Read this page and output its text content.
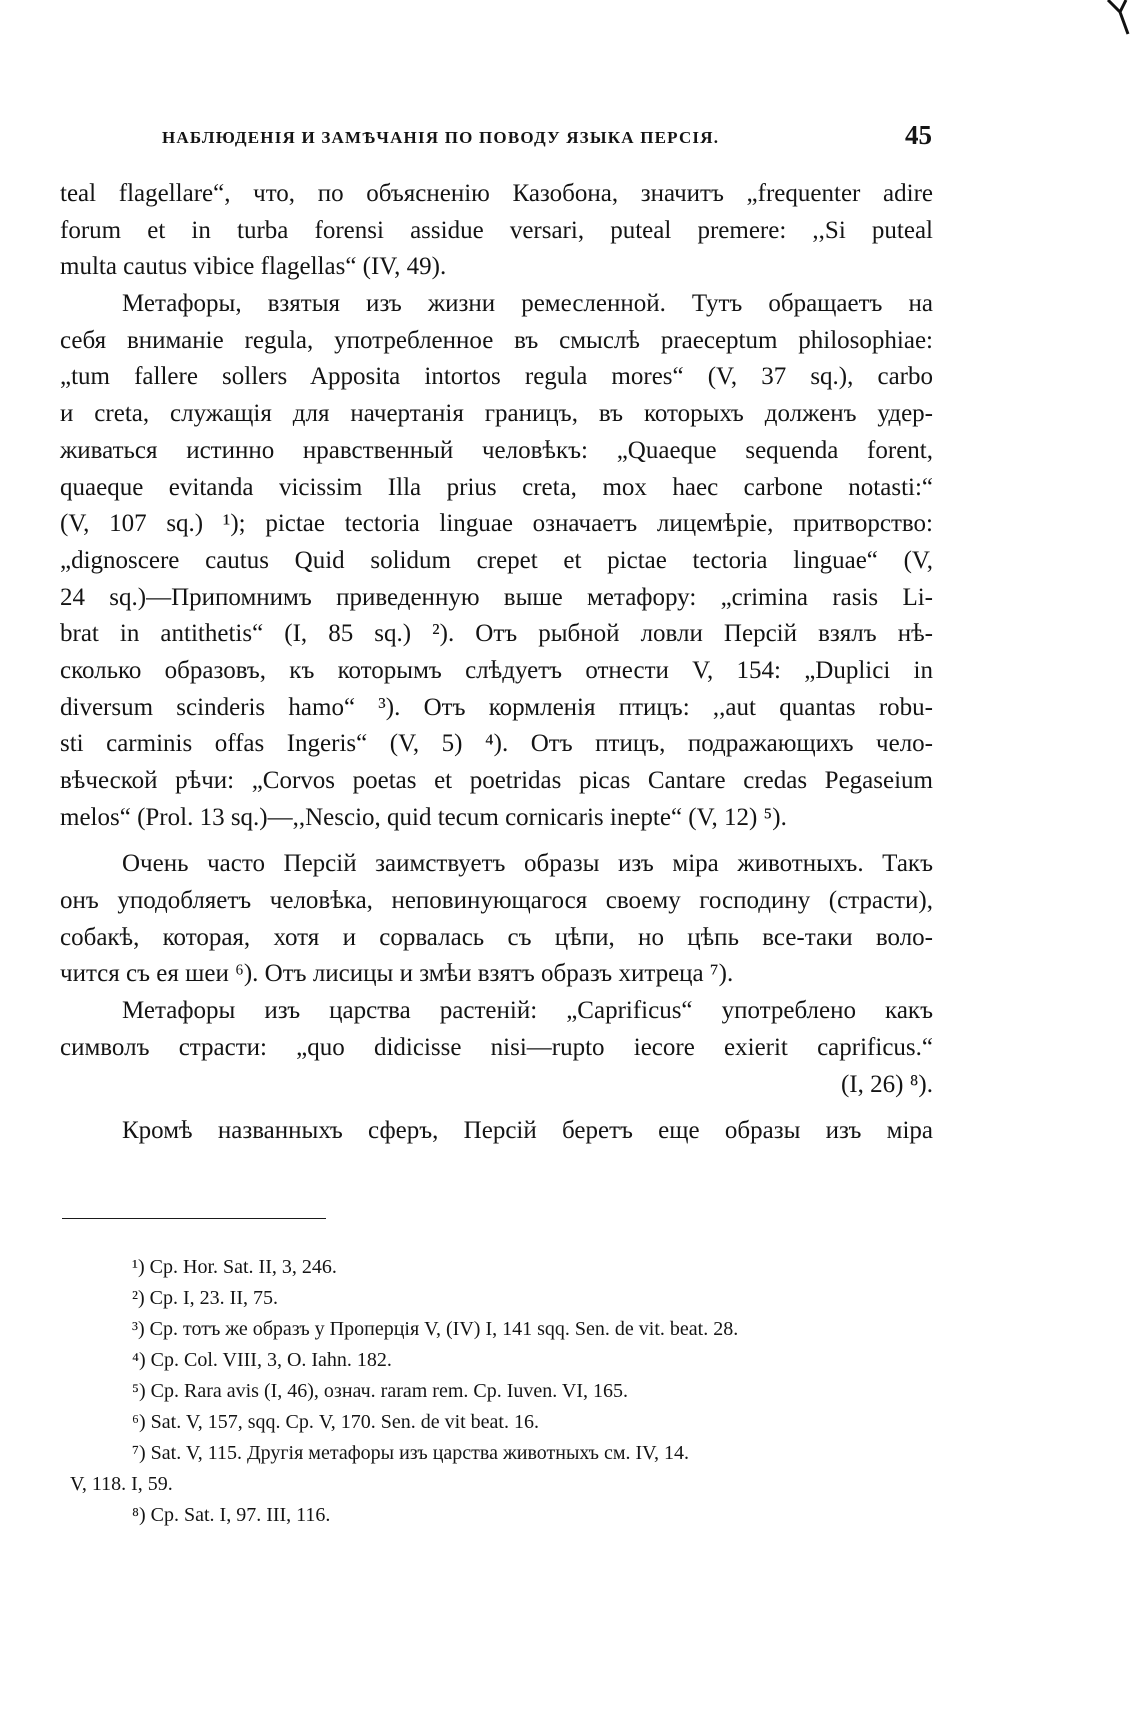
НАБЛЮДЕНІЯ И ЗАМѢЧАНІЯ ПО ПОВОДУ ЯЗЫКА ПЕРСІЯ.	45
teal flagellare“, что, по объясненію Казобона, значитъ „frequenter adire
forum et in turba forensi assidue versari, puteal premere: ,,Si puteal
multa cautus vibice flagellas“ (IV, 49).
Метафоры, взятыя изъ жизни ремесленной. Тутъ обращаетъ на
себя вниманіе regula, употребленное въ смыслѣ praeceptum philosophiae:
„tum fallere sollers Apposita intortos regula mores“ (V, 37 sq.), carbo
и creta, служащія для начертанія границъ, въ которыхъ долженъ удер-
живаться истинно нравственный человѣкъ: „Quaeque sequenda forent,
quaeque evitanda vicissim Illa prius creta, mox haec carbone notasti:“
(V, 107 sq.) ¹); pictae tectoria linguae означаетъ лицемѣріе, притворство:
„dignoscere cautus Quid solidum crepet et pictae tectoria linguae“ (V,
24 sq.)—Припомнимъ приведенную выше метафору: „crimina rasis Li-
brat in antithetis“ (I, 85 sq.) ²). Отъ рыбной ловли Персій взялъ нѣ-
сколько образовъ, къ которымъ слѣдуетъ отнести V, 154: „Duplici in
diversum scinderis hamo“ ³). Отъ кормленія птицъ: ,,aut quantas robu-
sti carminis offas Ingeris“ (V, 5) ⁴). Отъ птицъ, подражающихъ чело-
вѣческой рѣчи: „Corvos poetas et poetridas picas Cantare credas Pegaseium
melos“ (Prol. 13 sq.)—,,Nescio, quid tecum cornicaris inepte“ (V, 12) ⁵).
Очень часто Персій заимствуетъ образы изъ міра животныхъ. Такъ
онъ уподобляетъ человѣка, неповинующагося своему господину (страсти),
собакѣ, которая, хотя и сорвалась съ цѣпи, но цѣпь все-таки воло-
чится съ ея шеи ⁶). Отъ лисицы и змѣи взятъ образъ хитреца ⁷).
Метафоры изъ царства растеній: „Caprificus“ употреблено какъ
символъ страсти: „quo didicisse nisi—rupto iecore exierit caprificus.“
(I, 26) ⁸).
Кромѣ названныхъ сферъ, Персій беретъ еще образы изъ міра
¹) Ср. Hor. Sat. II, 3, 246.
²) Ср. I, 23. II, 75.
³) Ср. тотъ же образъ у Проперція V, (IV) I, 141 sqq. Sen. de vit. beat. 28.
⁴) Ср. Col. VIII, 3, O. Iahn. 182.
⁵) Ср. Rara avis (I, 46), означ. raram rem. Ср. Iuven. VI, 165.
⁶) Sat. V, 157, sqq. Ср. V, 170. Sen. de vit beat. 16.
⁷) Sat. V, 115. Другія метафоры изъ царства животныхъ см. IV, 14.
V, 118. I, 59.
⁸) Ср. Sat. I, 97. III, 116.
